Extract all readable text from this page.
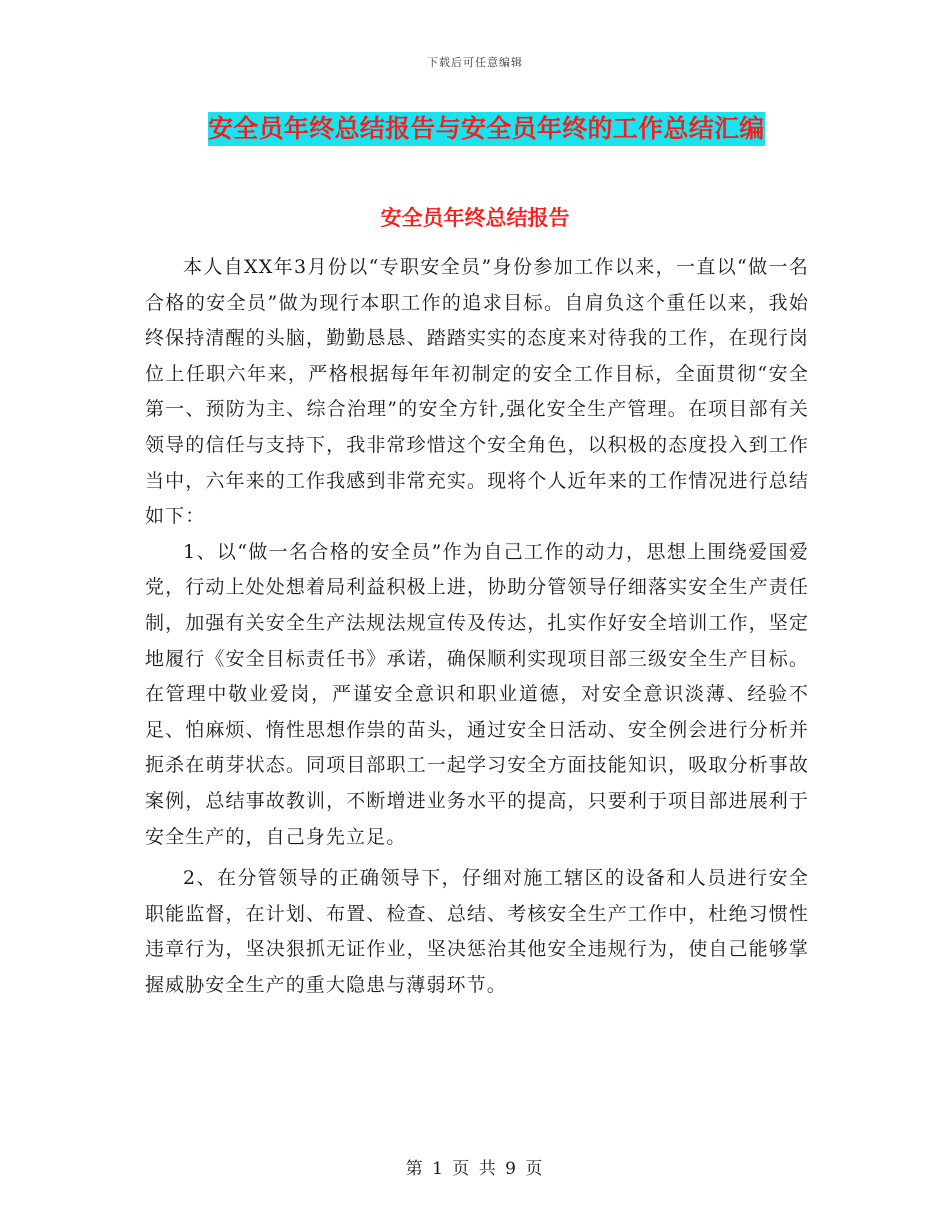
下载后可任意编辑
安全员年终总结报告与安全员年终的工作总结汇编
安全员年终总结报告

本人自XX年3月份以“专职安全员”身份参加工作以来，一直以“做一名合格的安全员”做为现行本职工作的追求目标。自肩负这个重任以来，我始终保持清醒的头脑，勤勤恳恳、踏踏实实的态度来对待我的工作，在现行岗位上任职六年来，严格根据每年年初制定的安全工作目标，全面贯彻“安全第一、预防为主、综合治理”的安全方针,强化安全生产管理。在项目部有关领导的信任与支持下，我非常珍惜这个安全角色，以积极的态度投入到工作当中，六年来的工作我感到非常充实。现将个人近年来的工作情况进行总结如下：

1、以“做一名合格的安全员”作为自己工作的动力，思想上围绕爱国爱党，行动上处处想着局利益积极上进，协助分管领导仔细落实安全生产责任制，加强有关安全生产法规法规宣传及传达，扎实作好安全培训工作，坚定地履行《安全目标责任书》承诺，确保顺利实现项目部三级安全生产目标。在管理中敬业爱岗，严谨安全意识和职业道德，对安全意识淡薄、经验不足、怕麻烦、惰性思想作祟的苗头，通过安全日活动、安全例会进行分析并扼杀在萌芽状态。同项目部职工一起学习安全方面技能知识，吸取分析事故案例，总结事故教训，不断增进业务水平的提高，只要利于项目部进展利于安全生产的，自己身先立足。

2、在分管领导的正确领导下，仔细对施工辖区的设备和人员进行安全职能监督，在计划、布置、检查、总结、考核安全生产工作中，杜绝习惯性违章行为，坚决狠抓无证作业，坚决惩治其他安全违规行为，使自己能够掌握威胁安全生产的重大隐患与薄弱环节。

第 1 页 共 9 页
